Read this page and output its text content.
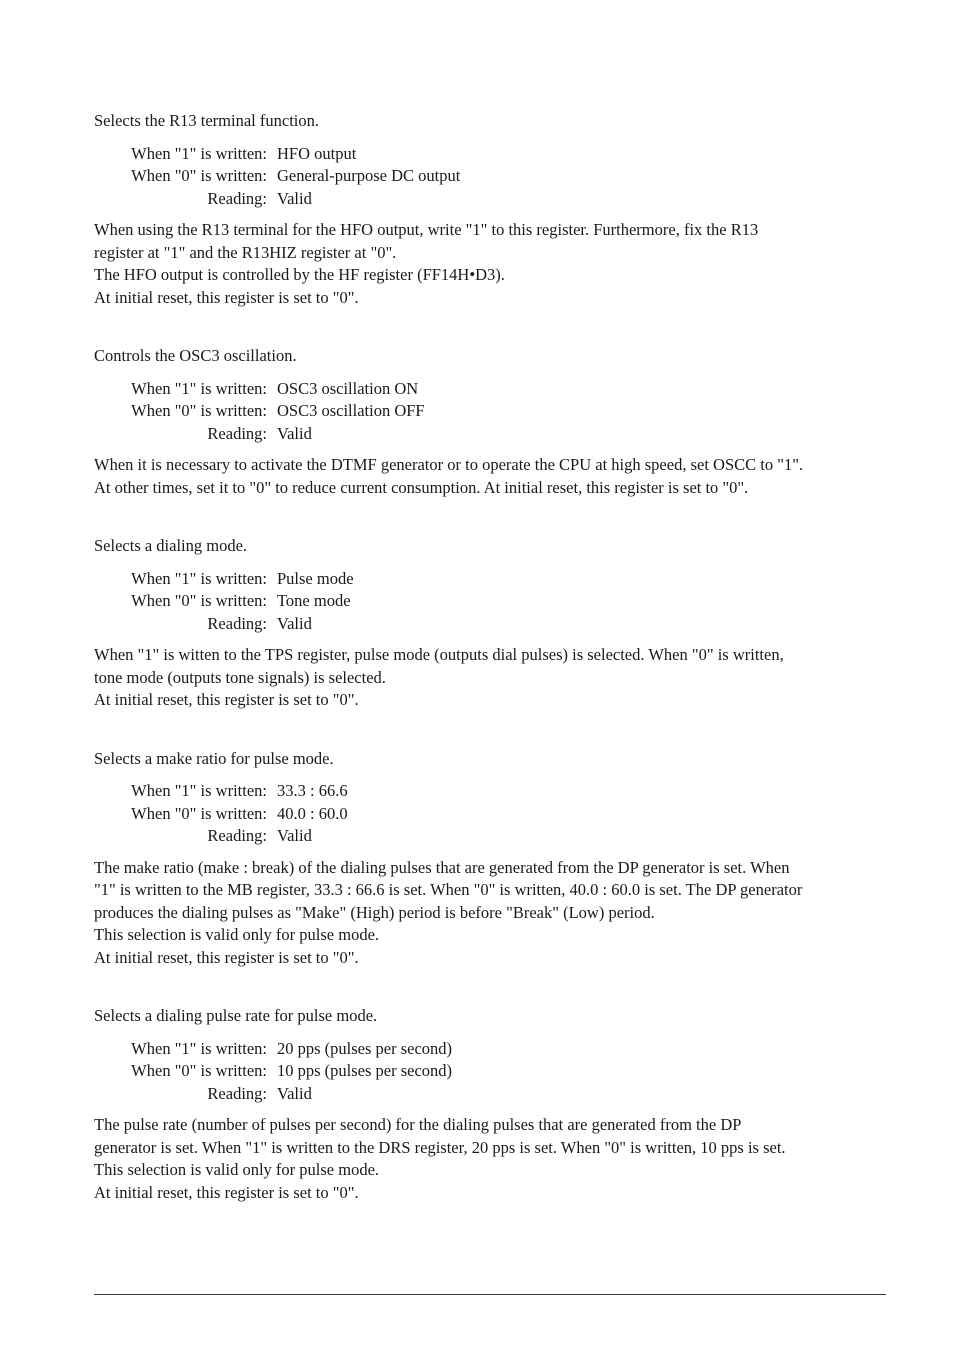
Selects the R13 terminal function.

When "1" is written: HFO output
When "0" is written: General-purpose DC output
Reading: Valid

When using the R13 terminal for the HFO output, write "1" to this register. Furthermore, fix the R13

register at "1" and the R13HIZ register at "0".

The HFO output is controlled by the HF register (FF14H•D3).

At initial reset, this register is set to "0".

Controls the OSC3 oscillation.

When "1" is written: OSC3 oscillation ON
When "0" is written: OSC3 oscillation OFF
Reading: Valid

When it is necessary to activate the DTMF generator or to operate the CPU at high speed, set OSCC to "1".

At other times, set it to "0" to reduce current consumption. At initial reset, this register is set to "0".

Selects a dialing mode.

When "1" is written: Pulse mode
When "0" is written: Tone mode
Reading: Valid

When "1" is witten to the TPS register, pulse mode (outputs dial pulses) is selected. When "0" is written,

tone mode (outputs tone signals) is selected.

At initial reset, this register is set to "0".

Selects a make ratio for pulse mode.

When "1" is written: 33.3 : 66.6
When "0" is written: 40.0 : 60.0
Reading: Valid

The make ratio (make : break) of the dialing pulses that are generated from the DP generator is set. When

"1" is written to the MB register, 33.3 : 66.6 is set. When "0" is written, 40.0 : 60.0 is set. The DP generator

produces the dialing pulses as "Make" (High) period is before "Break" (Low) period.

This selection is valid only for pulse mode.

At initial reset, this register is set to "0".

Selects a dialing pulse rate for pulse mode.

When "1" is written: 20 pps (pulses per second)
When "0" is written: 10 pps (pulses per second)
Reading: Valid

The pulse rate (number of pulses per second) for the dialing pulses that are generated from the DP

generator is set. When "1" is written to the DRS register, 20 pps is set. When "0" is written, 10 pps is set.

This selection is valid only for pulse mode.

At initial reset, this register is set to "0".
